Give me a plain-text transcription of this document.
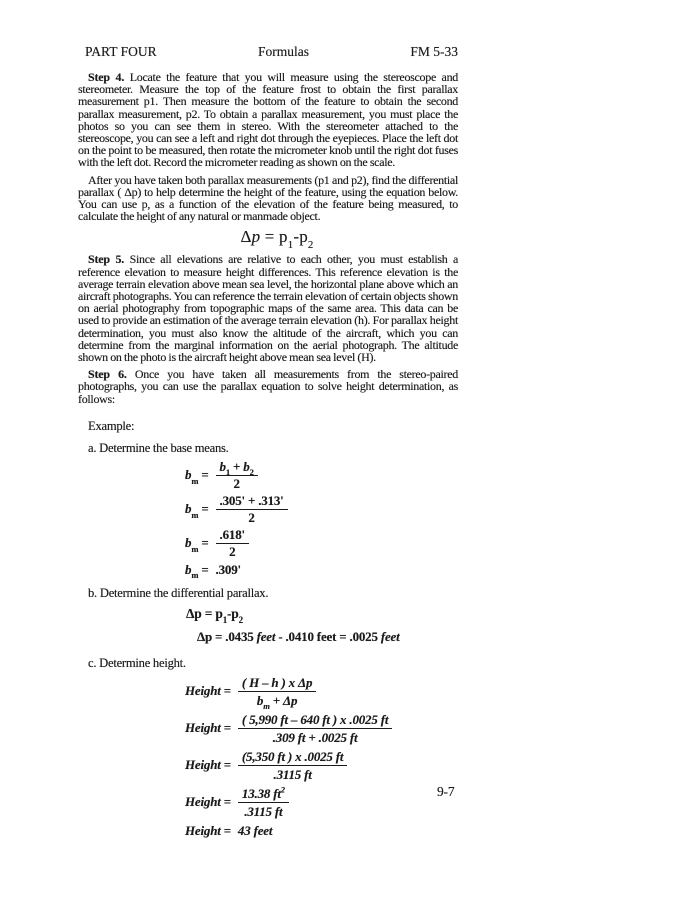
PART FOUR	Formulas	FM 5-33

Step 4. Locate the feature that you will measure using the stereoscope and stereometer. Measure the top of the feature frost to obtain the first parallax measurement p1. Then measure the bottom of the feature to obtain the second parallax measurement, p2. To obtain a parallax measurement, you must place the photos so you can see them in stereo. With the stereometer attached to the stereoscope, you can see a left and right dot through the eyepieces. Place the left dot on the point to be measured, then rotate the micrometer knob until the right dot fuses with the left dot. Record the micrometer reading as shown on the scale.

After you have taken both parallax measurements (p1 and p2), find the differential parallax ( Δp) to help determine the height of the feature, using the equation below. You can use p, as a function of the elevation of the feature being measured, to calculate the height of any natural or manmade object.

$\Delta p = p_1-p_2$

Step 5. Since all elevations are relative to each other, you must establish a reference elevation to measure height differences. This reference elevation is the average terrain elevation above mean sea level, the horizontal plane above which an aircraft photographs. You can reference the terrain elevation of certain objects shown on aerial photography from topographic maps of the same area. This data can be used to provide an estimation of the average terrain elevation (h). For parallax height determination, you must also know the altitude of the aircraft, which you can determine from the marginal information on the aerial photograph. The altitude shown on the photo is the aircraft height above mean sea level (H).

Step 6. Once you have taken all measurements from the stereo-paired photographs, you can use the parallax equation to solve height determination, as follows:

Example:

a. Determine the base means.

$b_m = \frac{b_1 + b_2}{2}$
$b_m = \frac{.305' + .313'}{2}$
$b_m = \frac{.618'}{2}$
$b_m = .309'$

b. Determine the differential parallax.

$\Delta p = p_1-p_2$
Δp = .0435 feet - .0410 feet = .0025 feet

c. Determine height.

Height = $\frac{\text{( H – h ) x Δp}}{b_m + \Delta p}$
Height = $\frac{( 5,990 ft - 640 ft ) x .0025 ft}{.309 ft + .0025 ft}$
Height = $\frac{(5,350 ft ) x .0025 ft}{.3115 ft}$
Height = $\frac{13.38 ft^2}{.3115 ft}$
Height = 43 feet
9-7
